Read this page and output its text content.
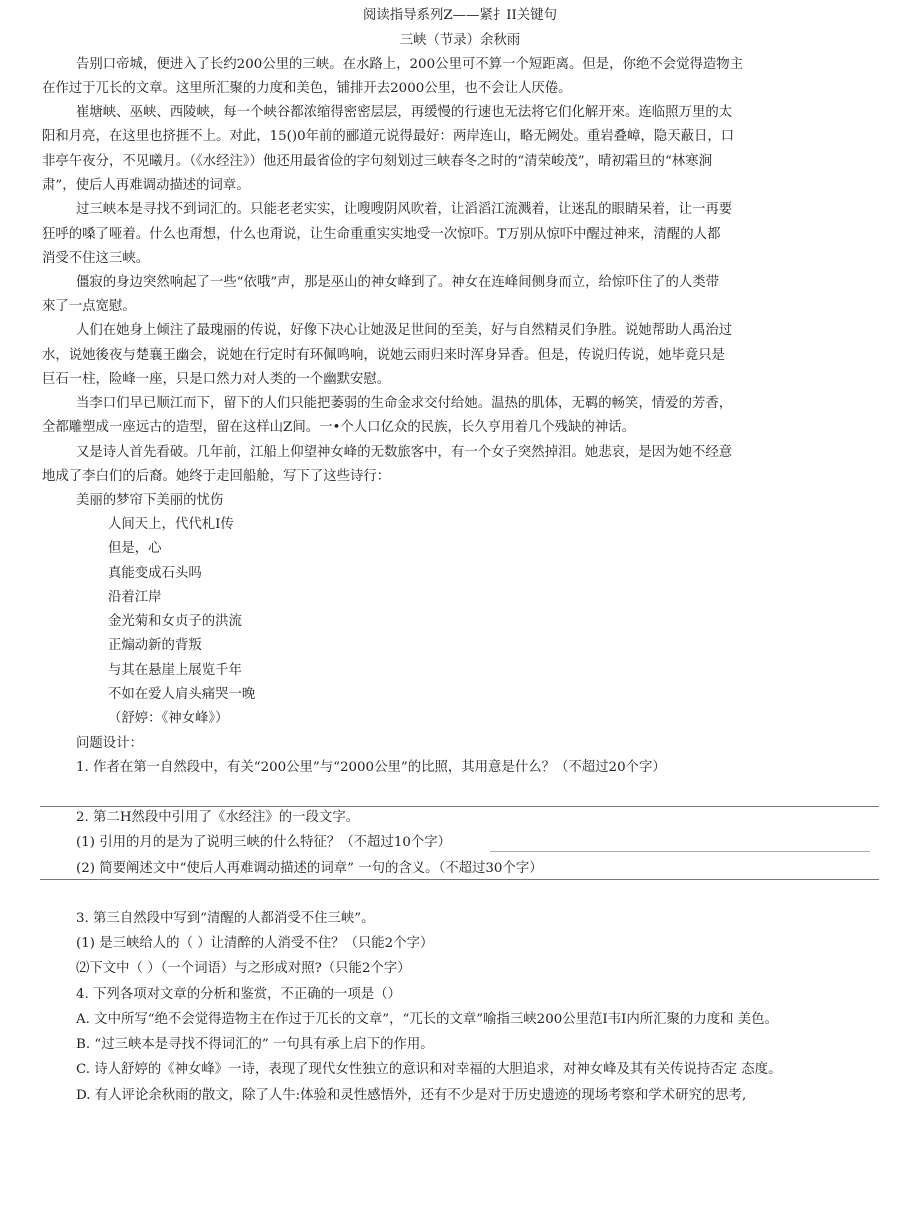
阅读指导系列Z——紧扌II关键句
三峡（节录）余秋雨
告别口帝城，便进入了长约200公里的三峡。在水路上，200公里可不算一个短距离。但是，你绝不会觉得造物主
在作过于兀长的文章。这里所汇聚的力度和美色，铺排开去2000公里，也不会让人厌倦。
崔塘峡、巫峡、西陵峡，每一个峡谷都浓缩得密密层层，再缓慢的行速也无法将它们化解开來。连临照万里的太
阳和月亮，在这里也挤捱不上。对此，15()0年前的郦道元说得最好：两岸连山，略无阙处。重岩叠嶂，隐天蔽日，口
非亭午夜分，不见曦月。（《水经注》）他还用最省俭的字句刻划过三峡春冬之时的“清荣峻茂”，晴初霜旦的“林寒涧
肃”，使后人再难调动描述的词章。
过三峡本是寻找不到词汇的。只能老老实实，让嗖嗖阴风吹着，让滔滔江流溅着，让迷乱的眼睛呆着，让一再要
狂呼的嗓了哑着。什么也甭想，什么也甭说，让生命重重实实地受一次惊吓。T万别从惊吓中醒过神来，清醒的人都
消受不住这三峡。
僵寂的身边突然响起了一些“依哦”声，那是巫山的神女峰到了。神女在连峰间侧身而立，给惊吓住了的人类带
來了一点宽慰。
人们在她身上倾注了最瑰丽的传说，好像下决心让她汲足世间的至美，好与自然精灵们争胜。说她帮助人禹治过
水，说她後夜与楚襄王幽会，说她在行定时有环佩鸣响，说她云雨归来时浑身异香。但是，传说归传说，她毕竟只是
巨石一柱，险峰一座，只是口然力对人类的一个幽默安慰。
当李口们早已顺江而下，留下的人们只能把萎弱的生命金求交付给她。温热的肌体，无羁的畅笑，情爱的芳香，
全都雕塑成一座远古的造型，留在这样山Z间。一•个人口亿众的民族，长久亨用着几个残缺的神话。
又是诗人首先看破。几年前，江船上仰望神女峰的无数旅客中，有一个女子突然掉泪。她悲哀，是因为她不经意
地成了李白们的后裔。她终于走回船舱，写下了这些诗行：
美丽的梦帘下美丽的忧伤
人间天上，代代札I传
但是，心
真能变成石头吗
沿着江岸
金光菊和女贞子的洪流
正煽动新的背叛
与其在悬崖上展览千年
不如在爱人肩头痛哭一晚
（舒婷：《神女峰》）
问题设计：
1. 作者在第一自然段中，有关“200公里”与“2000公里”的比照，其用意是什么？（不超过20个字）
2. 第二H然段中引用了《水经注》的一段文字。
(1) 引用的月的是为了说明三峡的什么特征？（不超过10个字）
(2) 简要阐述文中“使后人再难调动描述的词章” 一句的含义。（不超过30个字）
3. 第三自然段中写到“清醒的人都消受不住三峡”。
(1) 是三峡给人的（ ）让清醉的人消受不住？（只能2个字）
⑵下文中（ ）（一个词语）与之形成对照?（只能2个字）
4. 下列各项对文章的分析和鉴赏，不正确的一项是（）
A. 文中所写“绝不会觉得造物主在作过于兀长的文章”，“兀长的文章”喻指三峡200公里范I韦I内所汇聚的力度和 美色。
B. “过三峡本是寻找不得词汇的” 一句具有承上启下的作用。
C. 诗人舒婷的《神女峰》一诗，表现了现代女性独立的意识和对幸福的大胆追求，对神女峰及其有关传说持否定 态度。
D. 有人评论余秋雨的散文，除了人牛:体验和灵性感悟外，还有不少是对于历史遗迹的现场考察和学术研究的思考,
